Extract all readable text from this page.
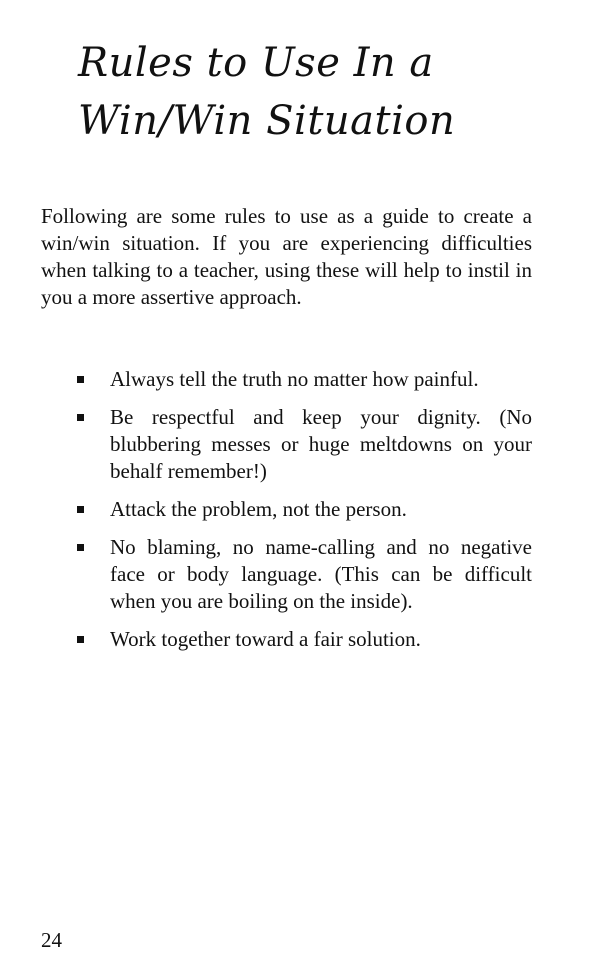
Rules to Use In a
Win/Win Situation

Following are some rules to use as a guide to create a win/win situation. If you are experiencing difficulties when talking to a teacher, using these will help to instil in you a more assertive approach.

Always tell the truth no matter how painful.
Be respectful and keep your dignity. (No blubbering messes or huge meltdowns on your behalf remember!)
Attack the problem, not the person.
No blaming, no name-calling and no negative face or body language. (This can be difficult when you are boiling on the inside).
Work together toward a fair solution.
24
